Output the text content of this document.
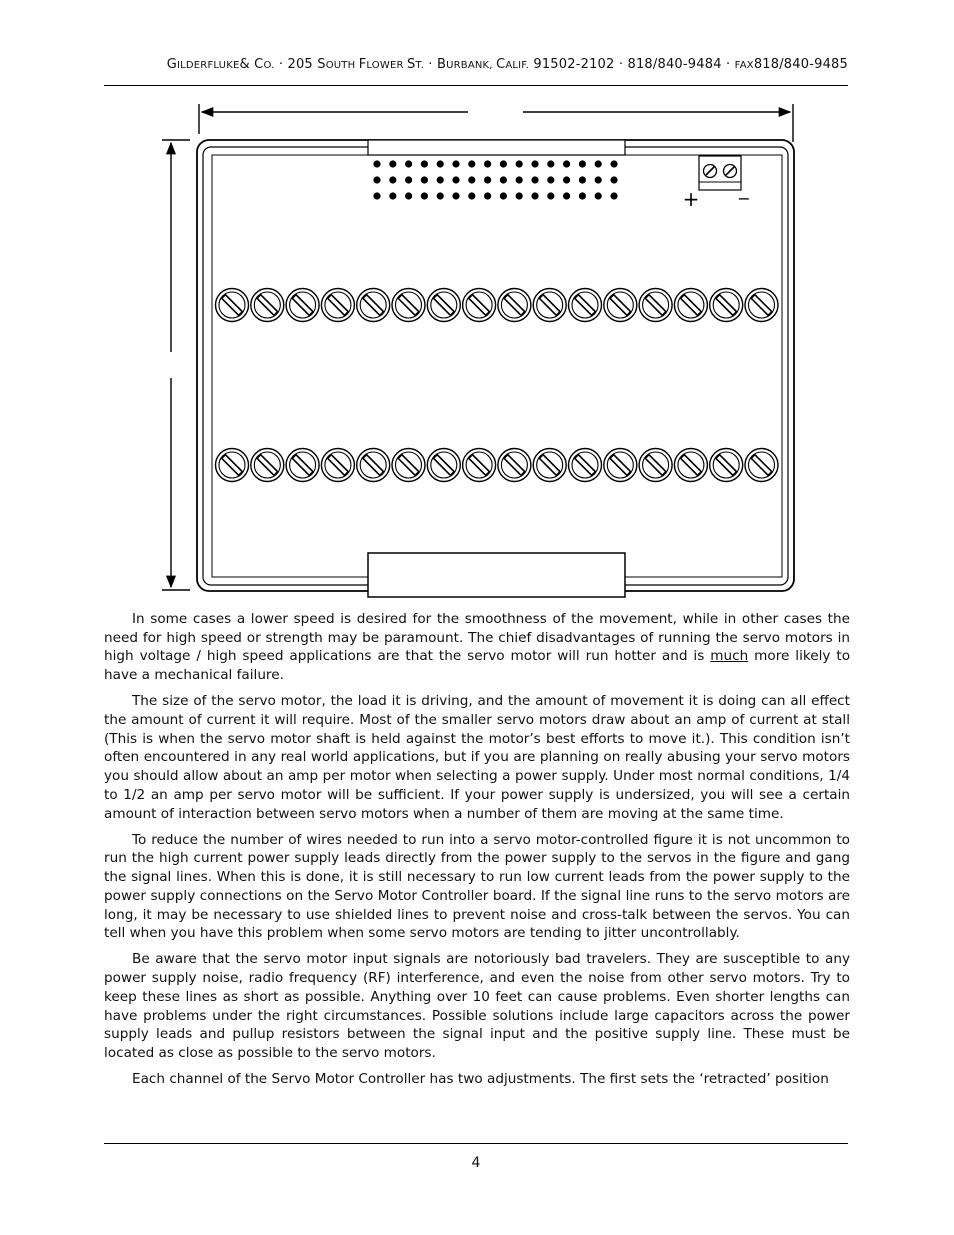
GILDERFLUKE& CO. · 205 SOUTH FLOWER ST. · BURBANK, CALIF. 91502-2102 · 818/840-9484 · FAX818/840-9485
+ −

In some cases a lower speed is desired for the smoothness of the movement, while in other cases the need for high speed or strength may be paramount. The chief disadvantages of running the servo motors in high voltage / high speed applications are that the servo motor will run hotter and is much more likely to have a mechanical failure.

The size of the servo motor, the load it is driving, and the amount of movement it is doing can all effect the amount of current it will require. Most of the smaller servo motors draw about an amp of current at stall (This is when the servo motor shaft is held against the motor’s best efforts to move it.). This condition isn’t often encountered in any real world applications, but if you are planning on really abusing your servo motors you should allow about an amp per motor when selecting a power supply. Under most normal conditions, 1/4 to 1/2 an amp per servo motor will be sufficient. If your power supply is undersized, you will see a certain amount of interaction between servo motors when a number of them are moving at the same time.

To reduce the number of wires needed to run into a servo motor-controlled figure it is not uncommon to run the high current power supply leads directly from the power supply to the servos in the figure and gang the signal lines. When this is done, it is still necessary to run low current leads from the power supply to the power supply connections on the Servo Motor Controller board. If the signal line runs to the servo motors are long, it may be necessary to use shielded lines to prevent noise and cross-talk between the servos. You can tell when you have this problem when some servo motors are tending to jitter uncontrollably.

Be aware that the servo motor input signals are notoriously bad travelers. They are susceptible to any power supply noise, radio frequency (RF) interference, and even the noise from other servo motors. Try to keep these lines as short as possible. Anything over 10 feet can cause problems. Even shorter lengths can have problems under the right circumstances. Possible solutions include large capacitors across the power supply leads and pullup resistors between the signal input and the positive supply line. These must be located as close as possible to the servo motors.

Each channel of the Servo Motor Controller has two adjustments. The first sets the ‘retracted’ position

4
